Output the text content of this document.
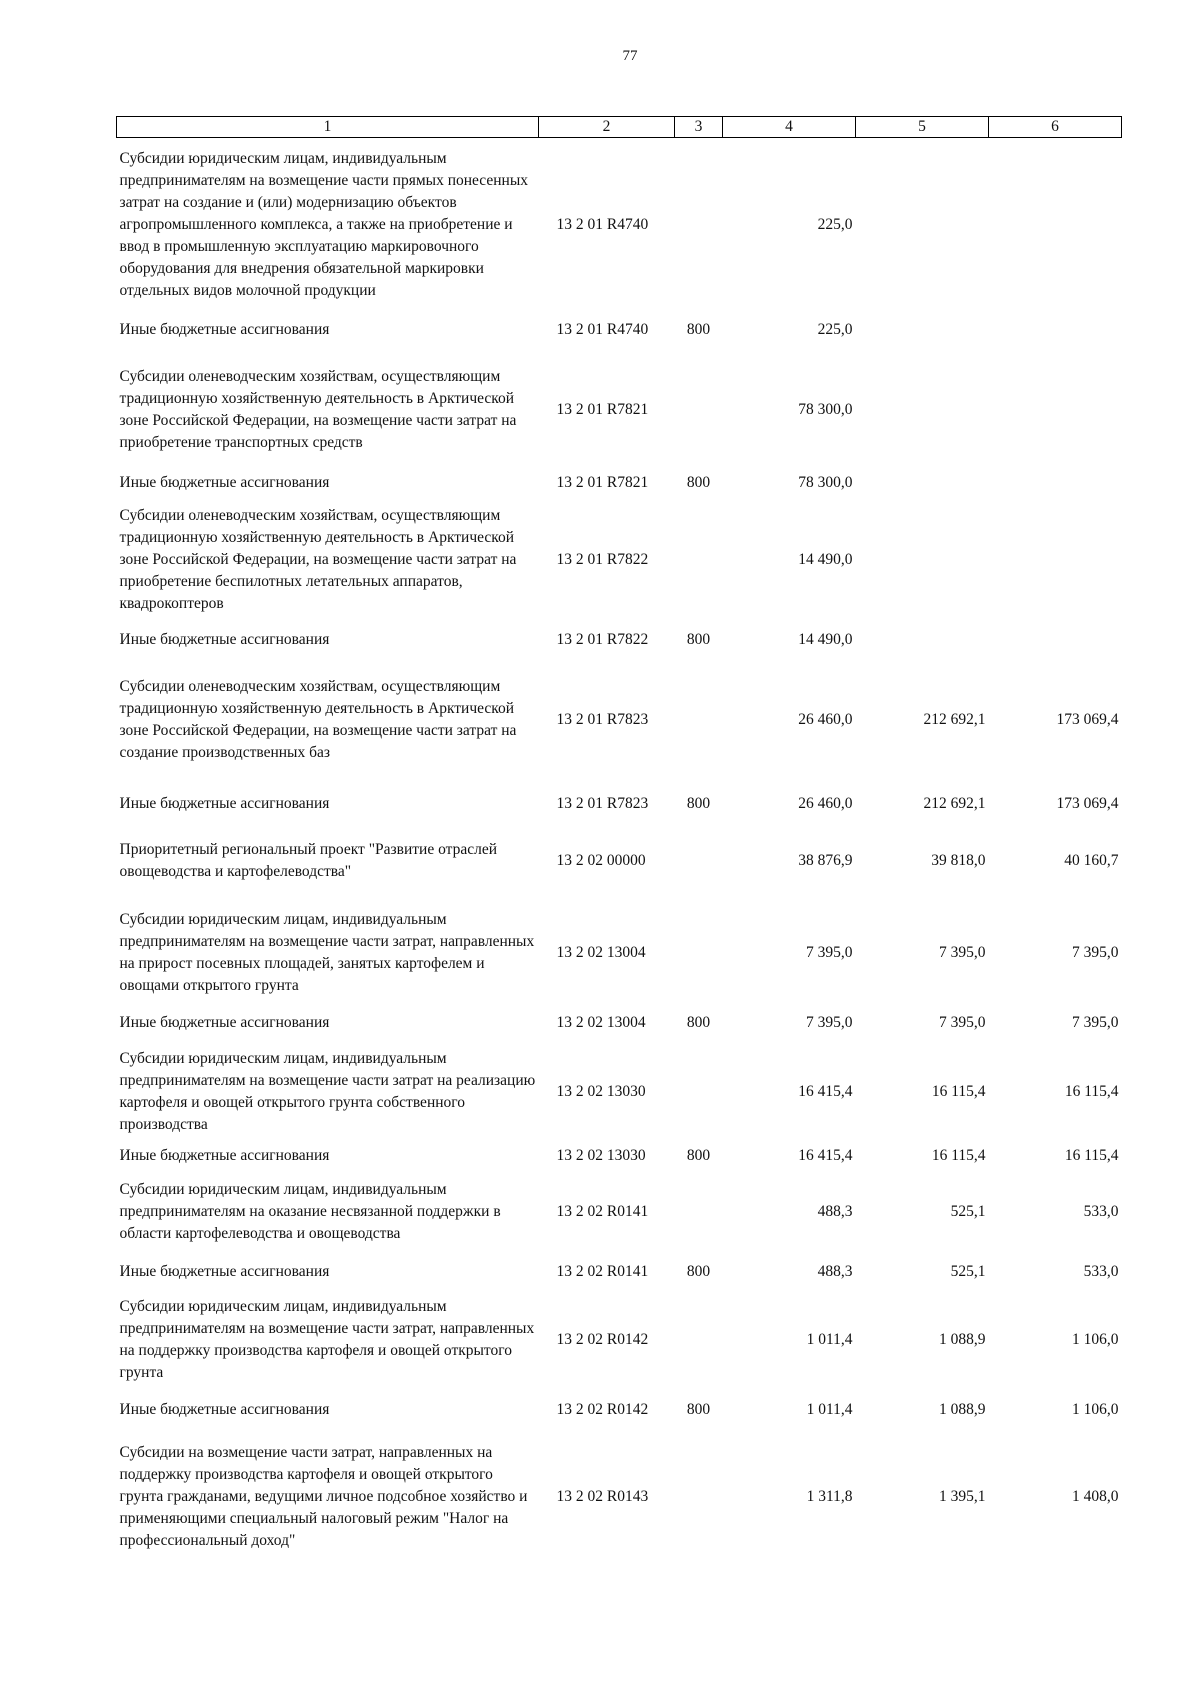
77
1	2	3	4	5	6
Субсидии юридическим лицам, индивидуальным предпринимателям на возмещение части прямых понесенных затрат на создание и (или) модернизацию объектов агропромышленного комплекса, а также на приобретение и ввод в промышленную эксплуатацию маркировочного оборудования для внедрения обязательной маркировки отдельных видов молочной продукции	13 2 01 R4740		225,0		
Иные бюджетные ассигнования	13 2 01 R4740	800	225,0		
Субсидии оленеводческим хозяйствам, осуществляющим традиционную хозяйственную деятельность в Арктической зоне Российской Федерации, на возмещение части затрат на приобретение транспортных средств	13 2 01 R7821		78 300,0		
Иные бюджетные ассигнования	13 2 01 R7821	800	78 300,0		
Субсидии оленеводческим хозяйствам, осуществляющим традиционную хозяйственную деятельность в Арктической зоне Российской Федерации, на возмещение части затрат на приобретение беспилотных летательных аппаратов, квадрокоптеров	13 2 01 R7822		14 490,0		
Иные бюджетные ассигнования	13 2 01 R7822	800	14 490,0		
Субсидии оленеводческим хозяйствам, осуществляющим традиционную хозяйственную деятельность в Арктической зоне Российской Федерации, на возмещение части затрат на создание производственных баз	13 2 01 R7823		26 460,0	212 692,1	173 069,4
Иные бюджетные ассигнования	13 2 01 R7823	800	26 460,0	212 692,1	173 069,4
Приоритетный региональный проект "Развитие отраслей овощеводства и картофелеводства"	13 2 02 00000		38 876,9	39 818,0	40 160,7
Субсидии юридическим лицам, индивидуальным предпринимателям на возмещение части затрат, направленных на прирост посевных площадей, занятых картофелем и овощами открытого грунта	13 2 02 13004		7 395,0	7 395,0	7 395,0
Иные бюджетные ассигнования	13 2 02 13004	800	7 395,0	7 395,0	7 395,0
Субсидии юридическим лицам, индивидуальным предпринимателям на возмещение части затрат на реализацию картофеля и овощей открытого грунта собственного производства	13 2 02 13030		16 415,4	16 115,4	16 115,4
Иные бюджетные ассигнования	13 2 02 13030	800	16 415,4	16 115,4	16 115,4
Субсидии юридическим лицам, индивидуальным предпринимателям на оказание несвязанной поддержки в области картофелеводства и овощеводства	13 2 02 R0141		488,3	525,1	533,0
Иные бюджетные ассигнования	13 2 02 R0141	800	488,3	525,1	533,0
Субсидии юридическим лицам, индивидуальным предпринимателям на возмещение части затрат, направленных на поддержку производства картофеля и овощей открытого грунта	13 2 02 R0142		1 011,4	1 088,9	1 106,0
Иные бюджетные ассигнования	13 2 02 R0142	800	1 011,4	1 088,9	1 106,0
Субсидии на возмещение части затрат, направленных на поддержку производства картофеля и овощей открытого грунта гражданами, ведущими личное подсобное хозяйство и применяющими специальный налоговый режим "Налог на профессиональный доход"	13 2 02 R0143		1 311,8	1 395,1	1 408,0
